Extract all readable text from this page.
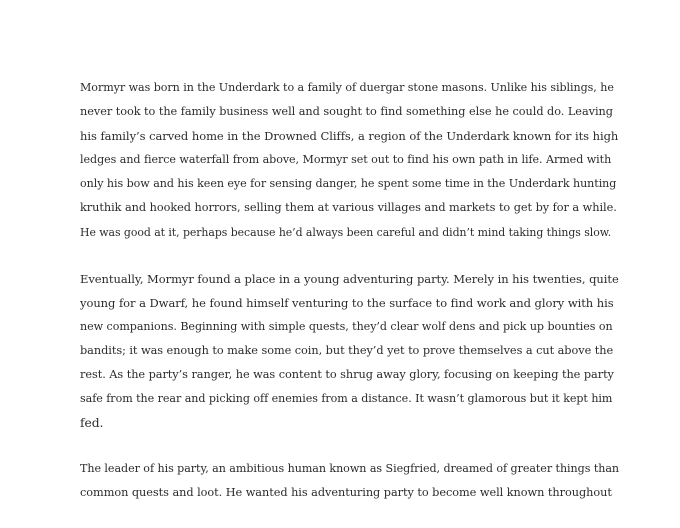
Mormyr was born in the Underdark to a family of duergar stone masons. Unlike his siblings, he
never took to the family business well and sought to find something else he could do. Leaving
his family’s carved home in the Drowned Cliffs, a region of the Underdark known for its high
ledges and fierce waterfall from above, Mormyr set out to find his own path in life. Armed with
only his bow and his keen eye for sensing danger, he spent some time in the Underdark hunting
kruthik and hooked horrors, selling them at various villages and markets to get by for a while.
He was good at it, perhaps because he’d always been careful and didn’t mind taking things slow.

Eventually, Mormyr found a place in a young adventuring party. Merely in his twenties, quite
young for a Dwarf, he found himself venturing to the surface to find work and glory with his
new companions. Beginning with simple quests, they’d clear wolf dens and pick up bounties on
bandits; it was enough to make some coin, but they’d yet to prove themselves a cut above the
rest. As the party’s ranger, he was content to shrug away glory, focusing on keeping the party
safe from the rear and picking off enemies from a distance. It wasn’t glamorous but it kept him
fed.

The leader of his party, an ambitious human known as Siegfried, dreamed of greater things than
common quests and loot. He wanted his adventuring party to become well known throughout
